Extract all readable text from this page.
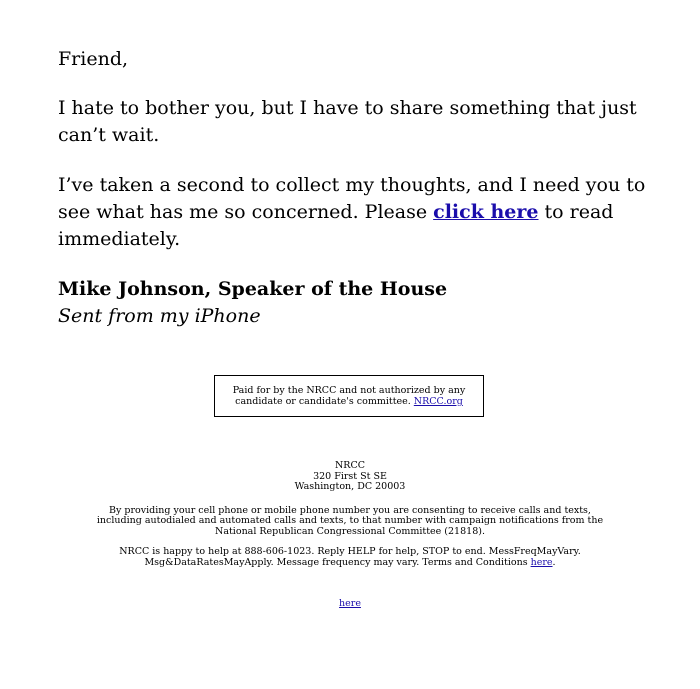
Friend,

I hate to bother you, but I have to share something that just can’t wait.

I’ve taken a second to collect my thoughts, and I need you to see what has me so concerned. Please click here to read immediately.

Mike Johnson, Speaker of the House
Sent from my iPhone
Paid for by the NRCC and not authorized by any candidate or candidate's committee. NRCC.org
NRCC
320 First St SE
Washington, DC 20003
By providing your cell phone or mobile phone number you are consenting to receive calls and texts, including autodialed and automated calls and texts, to that number with campaign notifications from the National Republican Congressional Committee (21818).
NRCC is happy to help at 888-606-1023. Reply HELP for help, STOP to end. MessFreqMayVary. Msg&DataRatesMayApply. Message frequency may vary. Terms and Conditions here.
here
